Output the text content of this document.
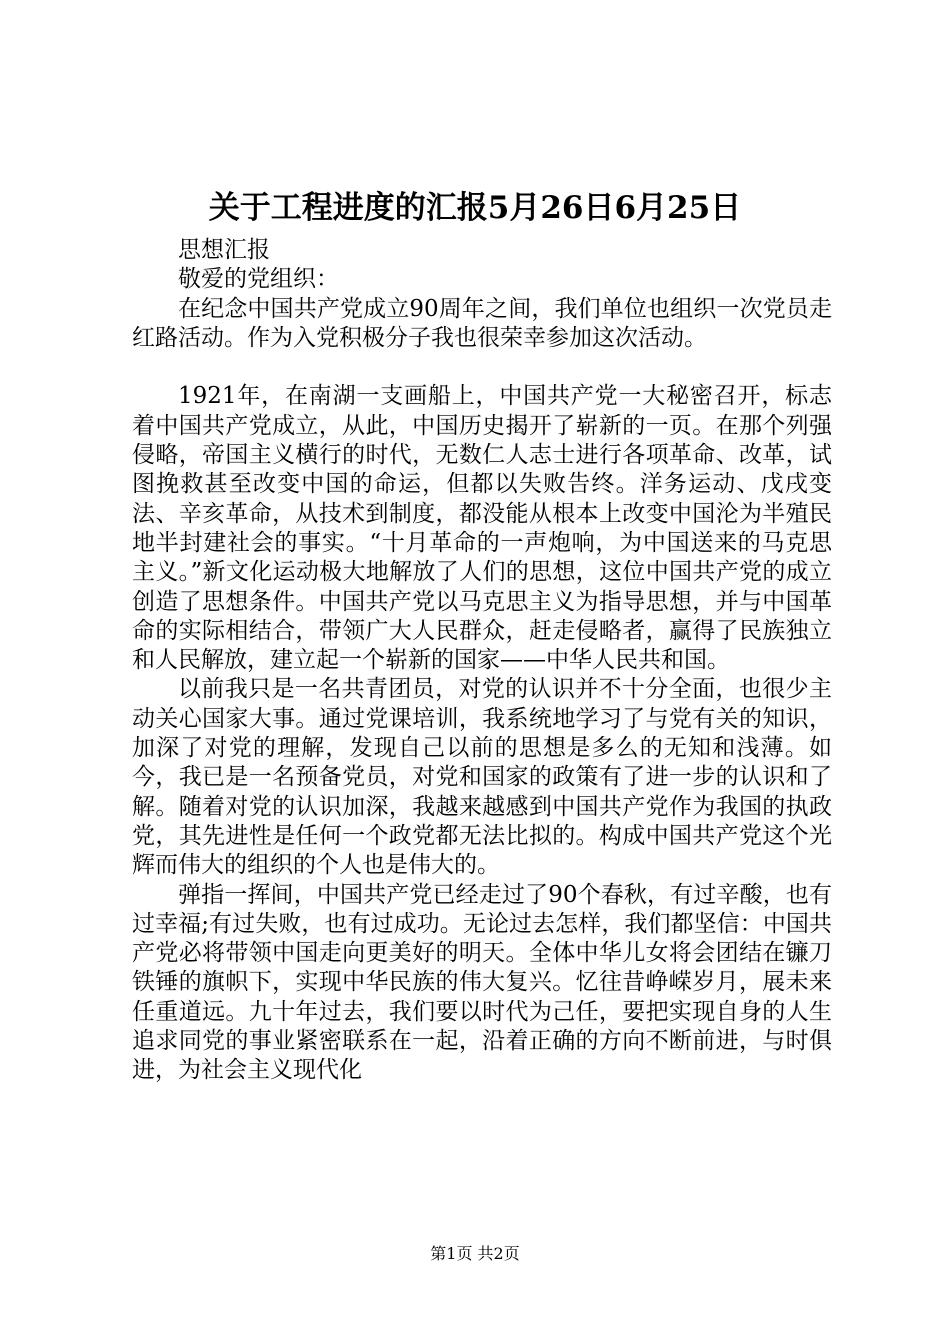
关于工程进度的汇报5月26日6月25日

思想汇报

敬爱的党组织：

在纪念中国共产党成立90周年之间，我们单位也组织一次党员走红路活动。作为入党积极分子我也很荣幸参加这次活动。

1921年，在南湖一支画船上，中国共产党一大秘密召开，标志着中国共产党成立，从此，中国历史揭开了崭新的一页。在那个列强侵略，帝国主义横行的时代，无数仁人志士进行各项革命、改革，试图挽救甚至改变中国的命运，但都以失败告终。洋务运动、戊戌变法、辛亥革命，从技术到制度，都没能从根本上改变中国沦为半殖民地半封建社会的事实。“十月革命的一声炮响，为中国送来的马克思主义。”新文化运动极大地解放了人们的思想，这位中国共产党的成立创造了思想条件。中国共产党以马克思主义为指导思想，并与中国革命的实际相结合，带领广大人民群众，赶走侵略者，赢得了民族独立和人民解放，建立起一个崭新的国家——中华人民共和国。

以前我只是一名共青团员，对党的认识并不十分全面，也很少主动关心国家大事。通过党课培训，我系统地学习了与党有关的知识，加深了对党的理解，发现自己以前的思想是多么的无知和浅薄。如今，我已是一名预备党员，对党和国家的政策有了进一步的认识和了解。随着对党的认识加深，我越来越感到中国共产党作为我国的执政党，其先进性是任何一个政党都无法比拟的。构成中国共产党这个光辉而伟大的组织的个人也是伟大的。

弹指一挥间，中国共产党已经走过了90个春秋，有过辛酸，也有过幸福;有过失败，也有过成功。无论过去怎样，我们都坚信：中国共产党必将带领中国走向更美好的明天。全体中华儿女将会团结在镰刀铁锤的旗帜下，实现中华民族的伟大复兴。忆往昔峥嵘岁月，展未来任重道远。九十年过去，我们要以时代为己任，要把实现自身的人生追求同党的事业紧密联系在一起，沿着正确的方向不断前进，与时俱进，为社会主义现代化

第1页 共2页
